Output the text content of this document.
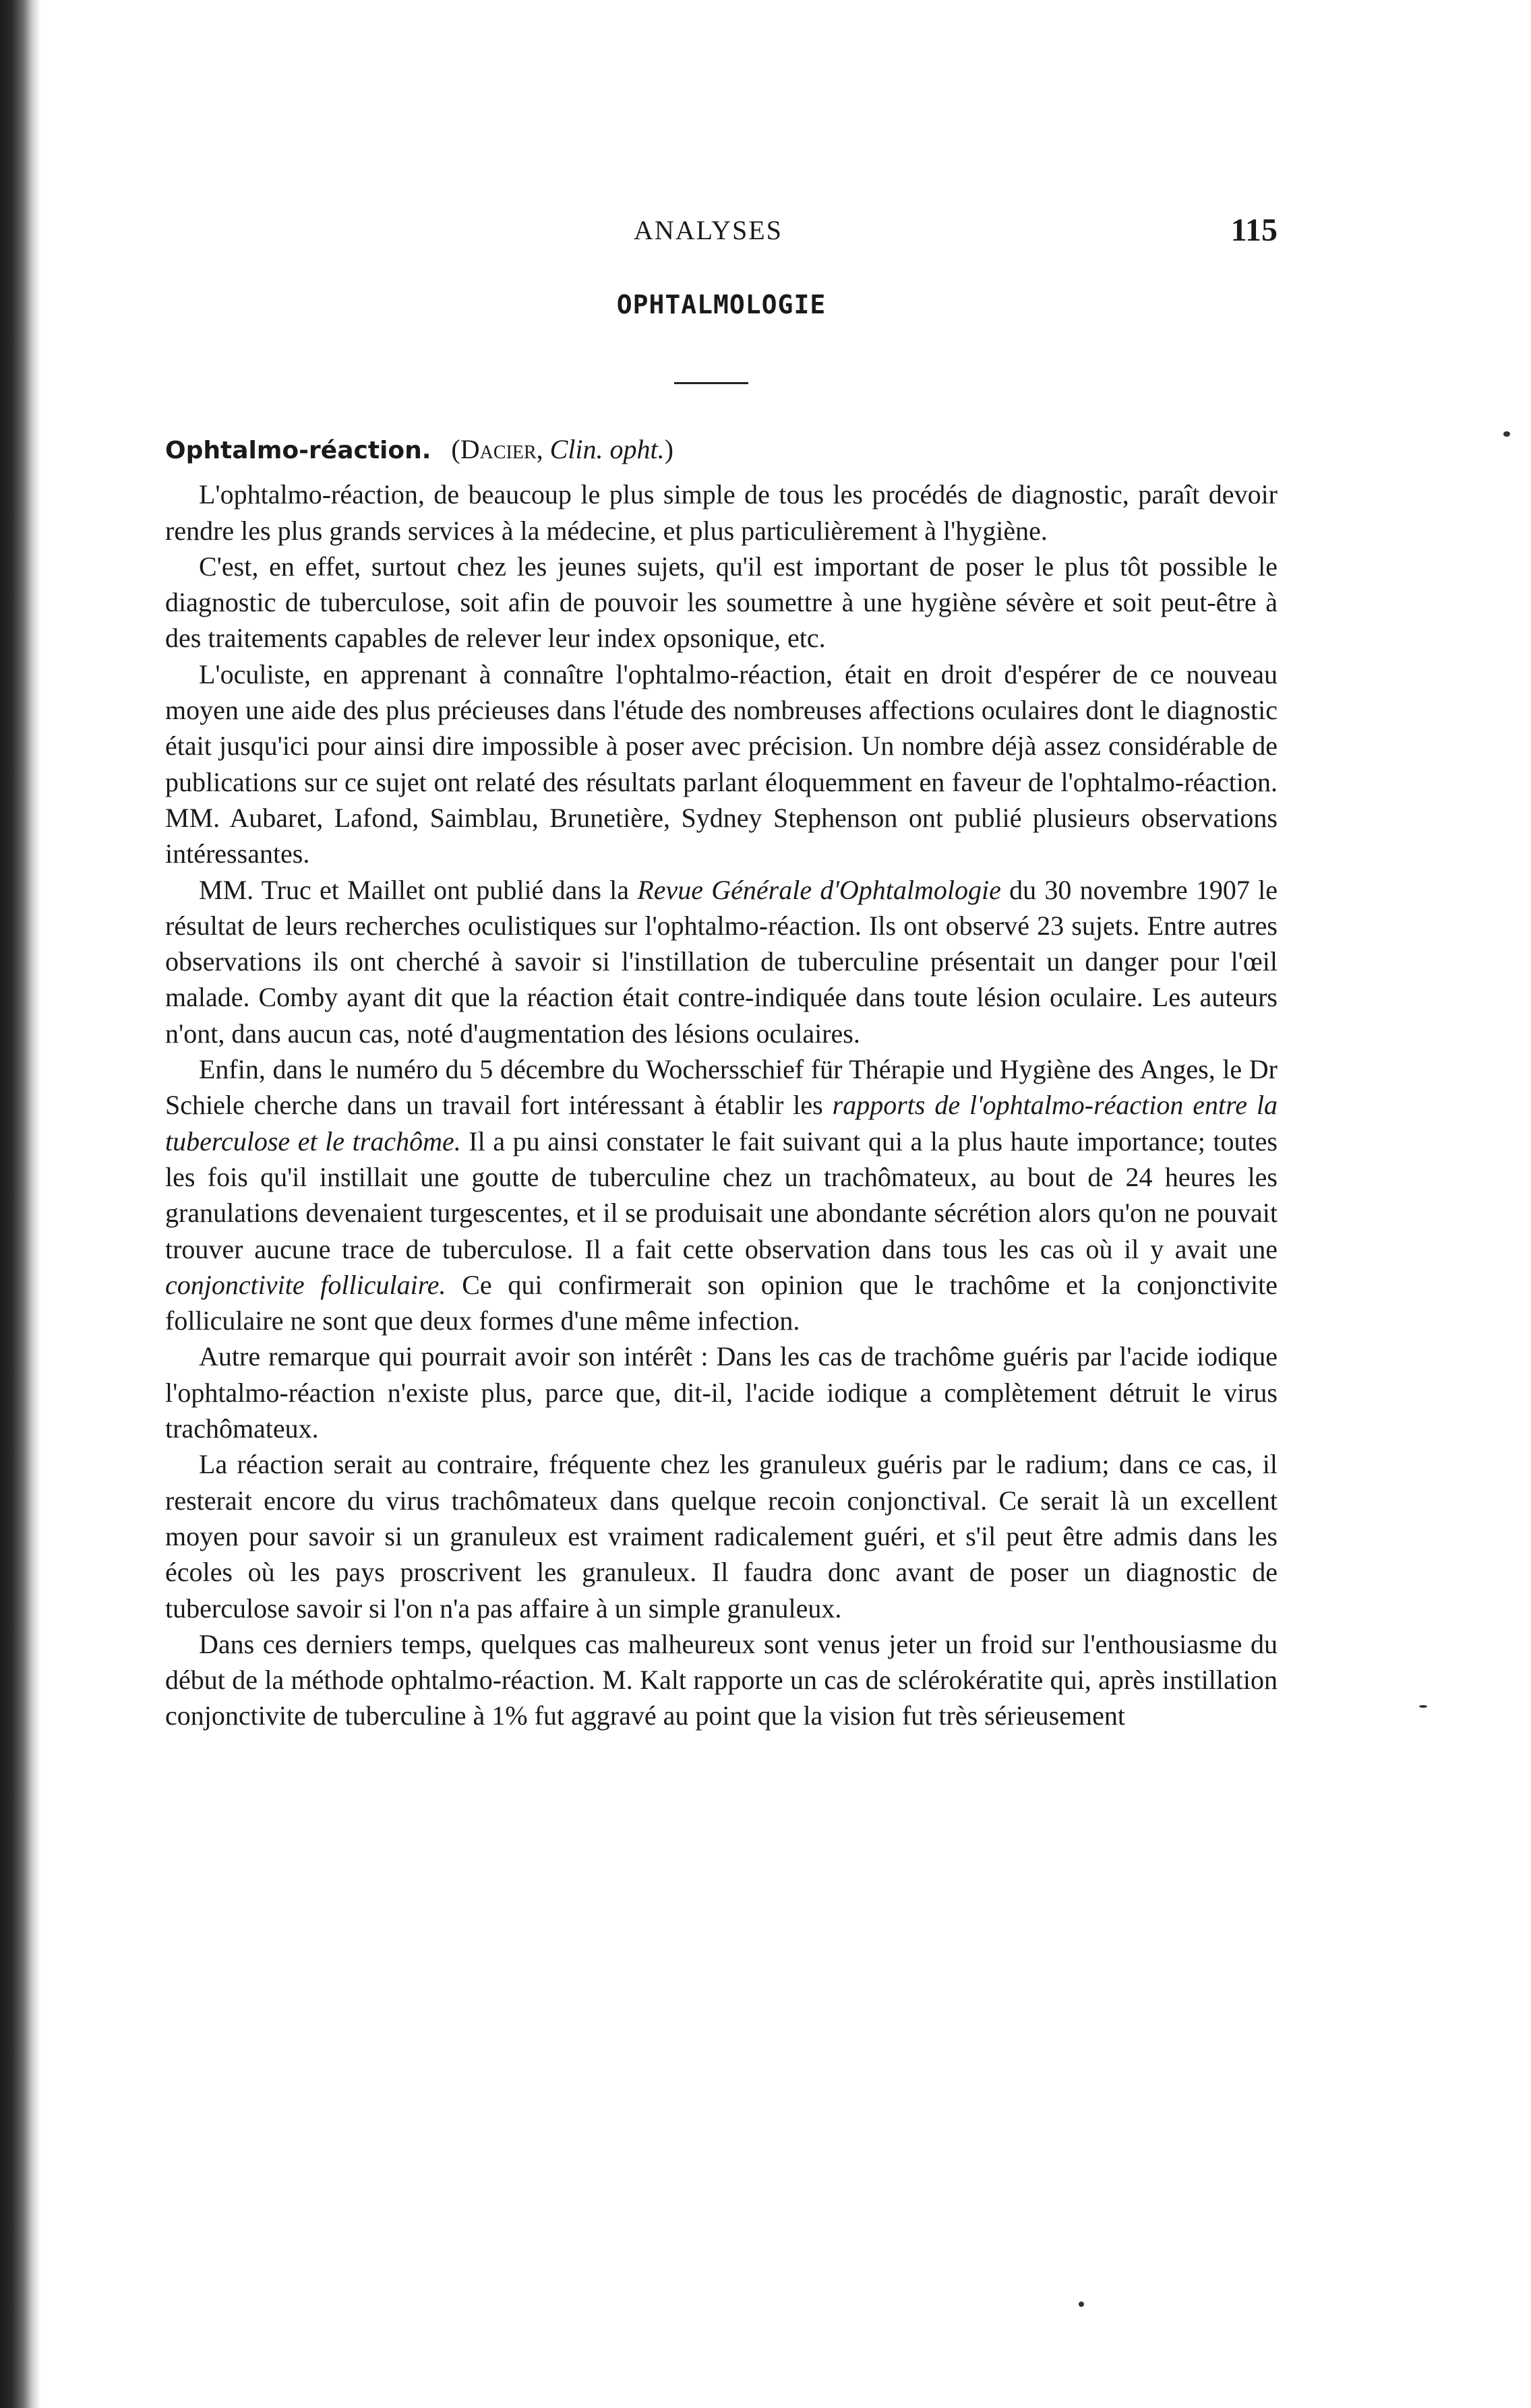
ANALYSES	115
OPHTALMOLOGIE
Ophtalmo-réaction. (Dacier, Clin. opht.)

L'ophtalmo-réaction, de beaucoup le plus simple de tous les procédés de diagnostic, paraît devoir rendre les plus grands services à la médecine, et plus particulièrement à l'hygiène.

C'est, en effet, surtout chez les jeunes sujets, qu'il est important de poser le plus tôt possible le diagnostic de tuberculose, soit afin de pouvoir les soumettre à une hygiène sévère et soit peut-être à des traitements capables de relever leur index opsonique, etc.

L'oculiste, en apprenant à connaître l'ophtalmo-réaction, était en droit d'espérer de ce nouveau moyen une aide des plus précieuses dans l'étude des nombreuses affections oculaires dont le diagnostic était jusqu'ici pour ainsi dire impossible à poser avec précision. Un nombre déjà assez considérable de publications sur ce sujet ont relaté des résultats parlant éloquemment en faveur de l'ophtalmo-réaction. MM. Aubaret, Lafond, Saimblau, Brunetière, Sydney Stephenson ont publié plusieurs observations intéressantes.

MM. Truc et Maillet ont publié dans la Revue Générale d'Ophtalmologie du 30 novembre 1907 le résultat de leurs recherches oculistiques sur l'ophtalmo-réaction. Ils ont observé 23 sujets. Entre autres observations ils ont cherché à savoir si l'instillation de tuberculine présentait un danger pour l'œil malade. Comby ayant dit que la réaction était contre-indiquée dans toute lésion oculaire. Les auteurs n'ont, dans aucun cas, noté d'augmentation des lésions oculaires.

Enfin, dans le numéro du 5 décembre du Wochersschief für Thérapie und Hygiène des Anges, le Dr Schiele cherche dans un travail fort intéressant à établir les rapports de l'ophtalmo-réaction entre la tuberculose et le trachôme. Il a pu ainsi constater le fait suivant qui a la plus haute importance; toutes les fois qu'il instillait une goutte de tuberculine chez un trachômateux, au bout de 24 heures les granulations devenaient turgescentes, et il se produisait une abondante sécrétion alors qu'on ne pouvait trouver aucune trace de tuberculose. Il a fait cette observation dans tous les cas où il y avait une conjonctivite folliculaire. Ce qui confirmerait son opinion que le trachôme et la conjonctivite folliculaire ne sont que deux formes d'une même infection.

Autre remarque qui pourrait avoir son intérêt : Dans les cas de trachôme guéris par l'acide iodique l'ophtalmo-réaction n'existe plus, parce que, dit-il, l'acide iodique a complètement détruit le virus trachômateux.

La réaction serait au contraire, fréquente chez les granuleux guéris par le radium; dans ce cas, il resterait encore du virus trachômateux dans quelque recoin conjonctival. Ce serait là un excellent moyen pour savoir si un granuleux est vraiment radicalement guéri, et s'il peut être admis dans les écoles où les pays proscrivent les granuleux. Il faudra donc avant de poser un diagnostic de tuberculose savoir si l'on n'a pas affaire à un simple granuleux.

Dans ces derniers temps, quelques cas malheureux sont venus jeter un froid sur l'enthousiasme du début de la méthode ophtalmo-réaction. M. Kalt rapporte un cas de sclérokératite qui, après instillation conjonctivite de tuberculine à 1% fut aggravé au point que la vision fut très sérieusement
